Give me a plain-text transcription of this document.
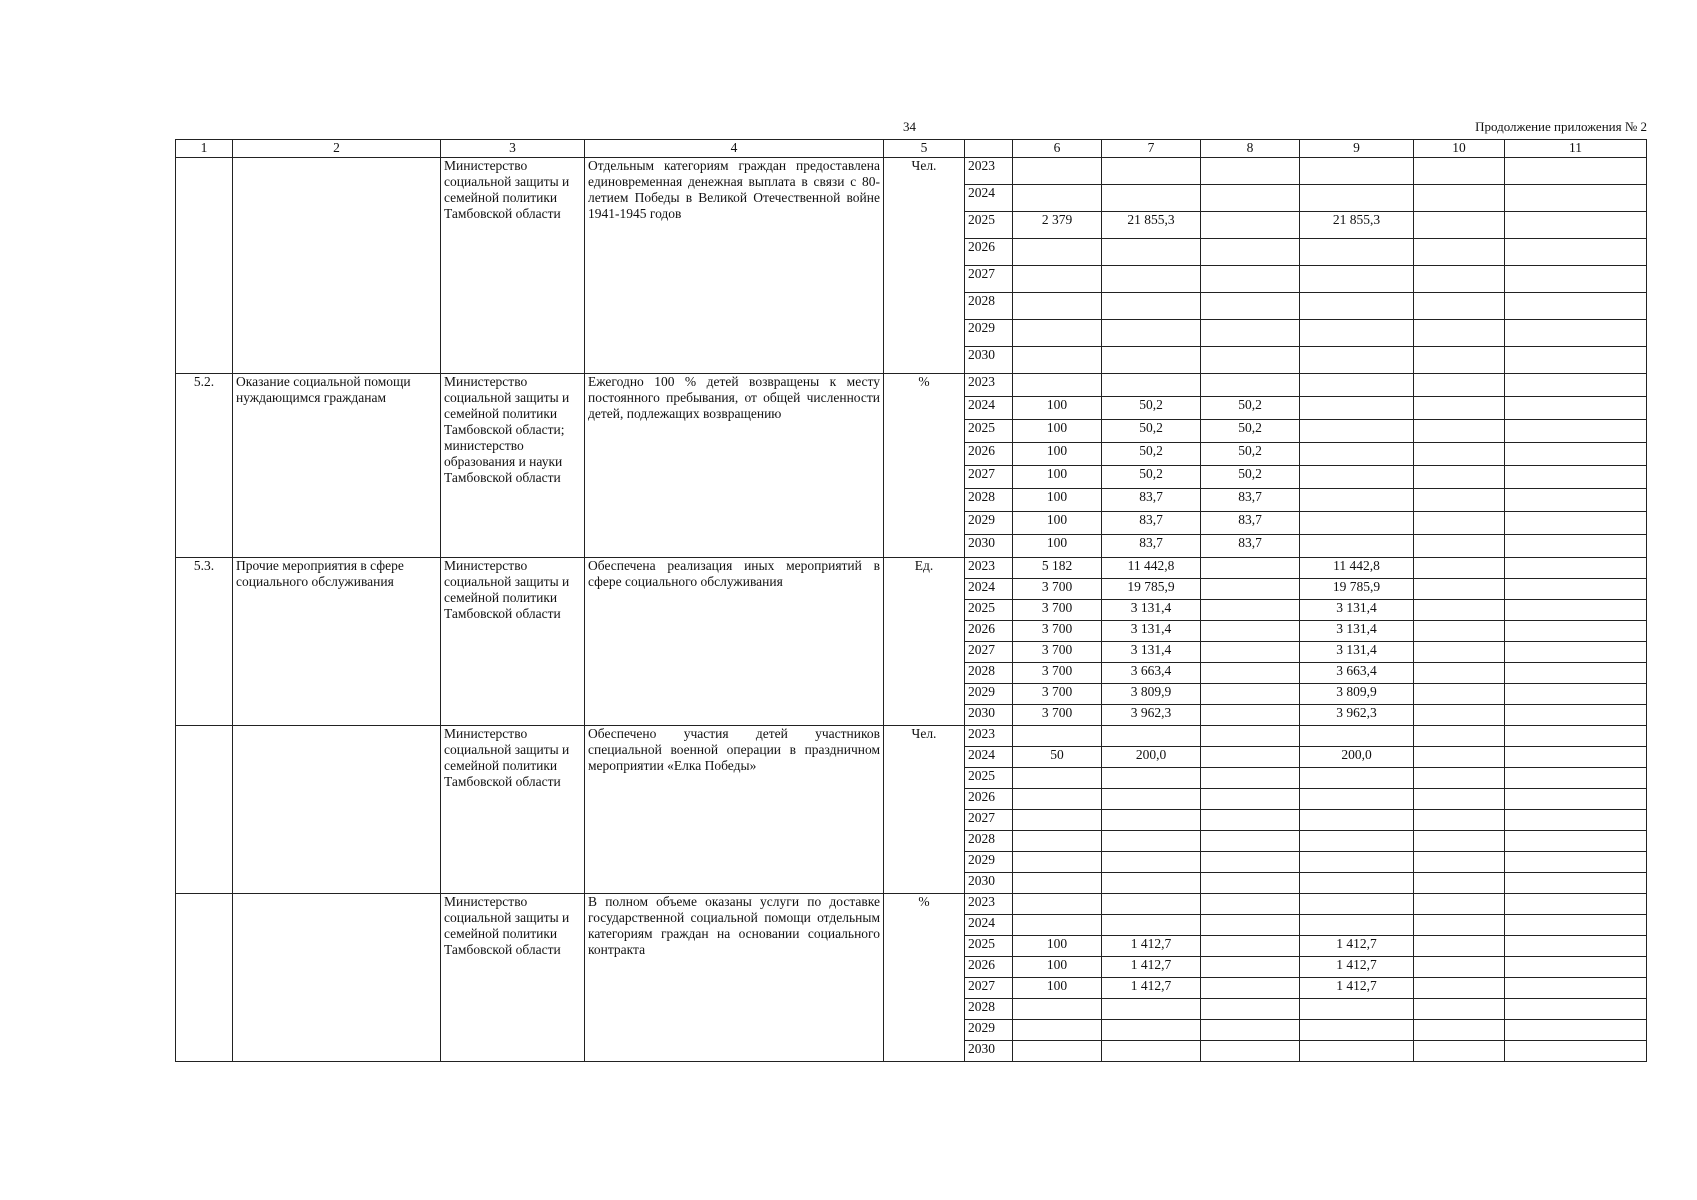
34	Продолжение приложения № 2
1	2	3	4	5		6	7	8	9	10	11
		Министерство социальной защиты и семейной политики Тамбовской области	Отдельным категориям граждан предоставлена единовременная денежная выплата в связи с 80-летием Победы в Великой Отечественной войне 1941-1945 годов	Чел.	2023						
					2024						
					2025	2 379	21 855,3		21 855,3		
					2026						
					2027						
					2028						
					2029						
					2030						
5.2.	Оказание социальной помощи нуждающимся гражданам	Министерство социальной защиты и семейной политики Тамбовской области; министерство образования и науки Тамбовской области	Ежегодно 100 % детей возвращены к месту постоянного пребывания, от общей численности детей, подлежащих возвращению	%	2023						
					2024	100	50,2	50,2			
					2025	100	50,2	50,2			
					2026	100	50,2	50,2			
					2027	100	50,2	50,2			
					2028	100	83,7	83,7			
					2029	100	83,7	83,7			
					2030	100	83,7	83,7			
5.3.	Прочие мероприятия в сфере социального обслуживания	Министерство социальной защиты и семейной политики Тамбовской области	Обеспечена реализация иных мероприятий в сфере социального обслуживания	Ед.	2023	5 182	11 442,8		11 442,8		
					2024	3 700	19 785,9		19 785,9		
					2025	3 700	3 131,4		3 131,4		
					2026	3 700	3 131,4		3 131,4		
					2027	3 700	3 131,4		3 131,4		
					2028	3 700	3 663,4		3 663,4		
					2029	3 700	3 809,9		3 809,9		
					2030	3 700	3 962,3		3 962,3		
		Министерство социальной защиты и семейной политики Тамбовской области	Обеспечено участия детей участников специальной военной операции в праздничном мероприятии «Елка Победы»	Чел.	2023						
					2024	50	200,0		200,0		
					2025						
					2026						
					2027						
					2028						
					2029						
					2030						
		Министерство социальной защиты и семейной политики Тамбовской области	В полном объеме оказаны услуги по доставке государственной социальной помощи отдельным категориям граждан на основании социального контракта	%	2023						
					2024						
					2025	100	1 412,7		1 412,7		
					2026	100	1 412,7		1 412,7		
					2027	100	1 412,7		1 412,7		
					2028						
					2029						
					2030						
